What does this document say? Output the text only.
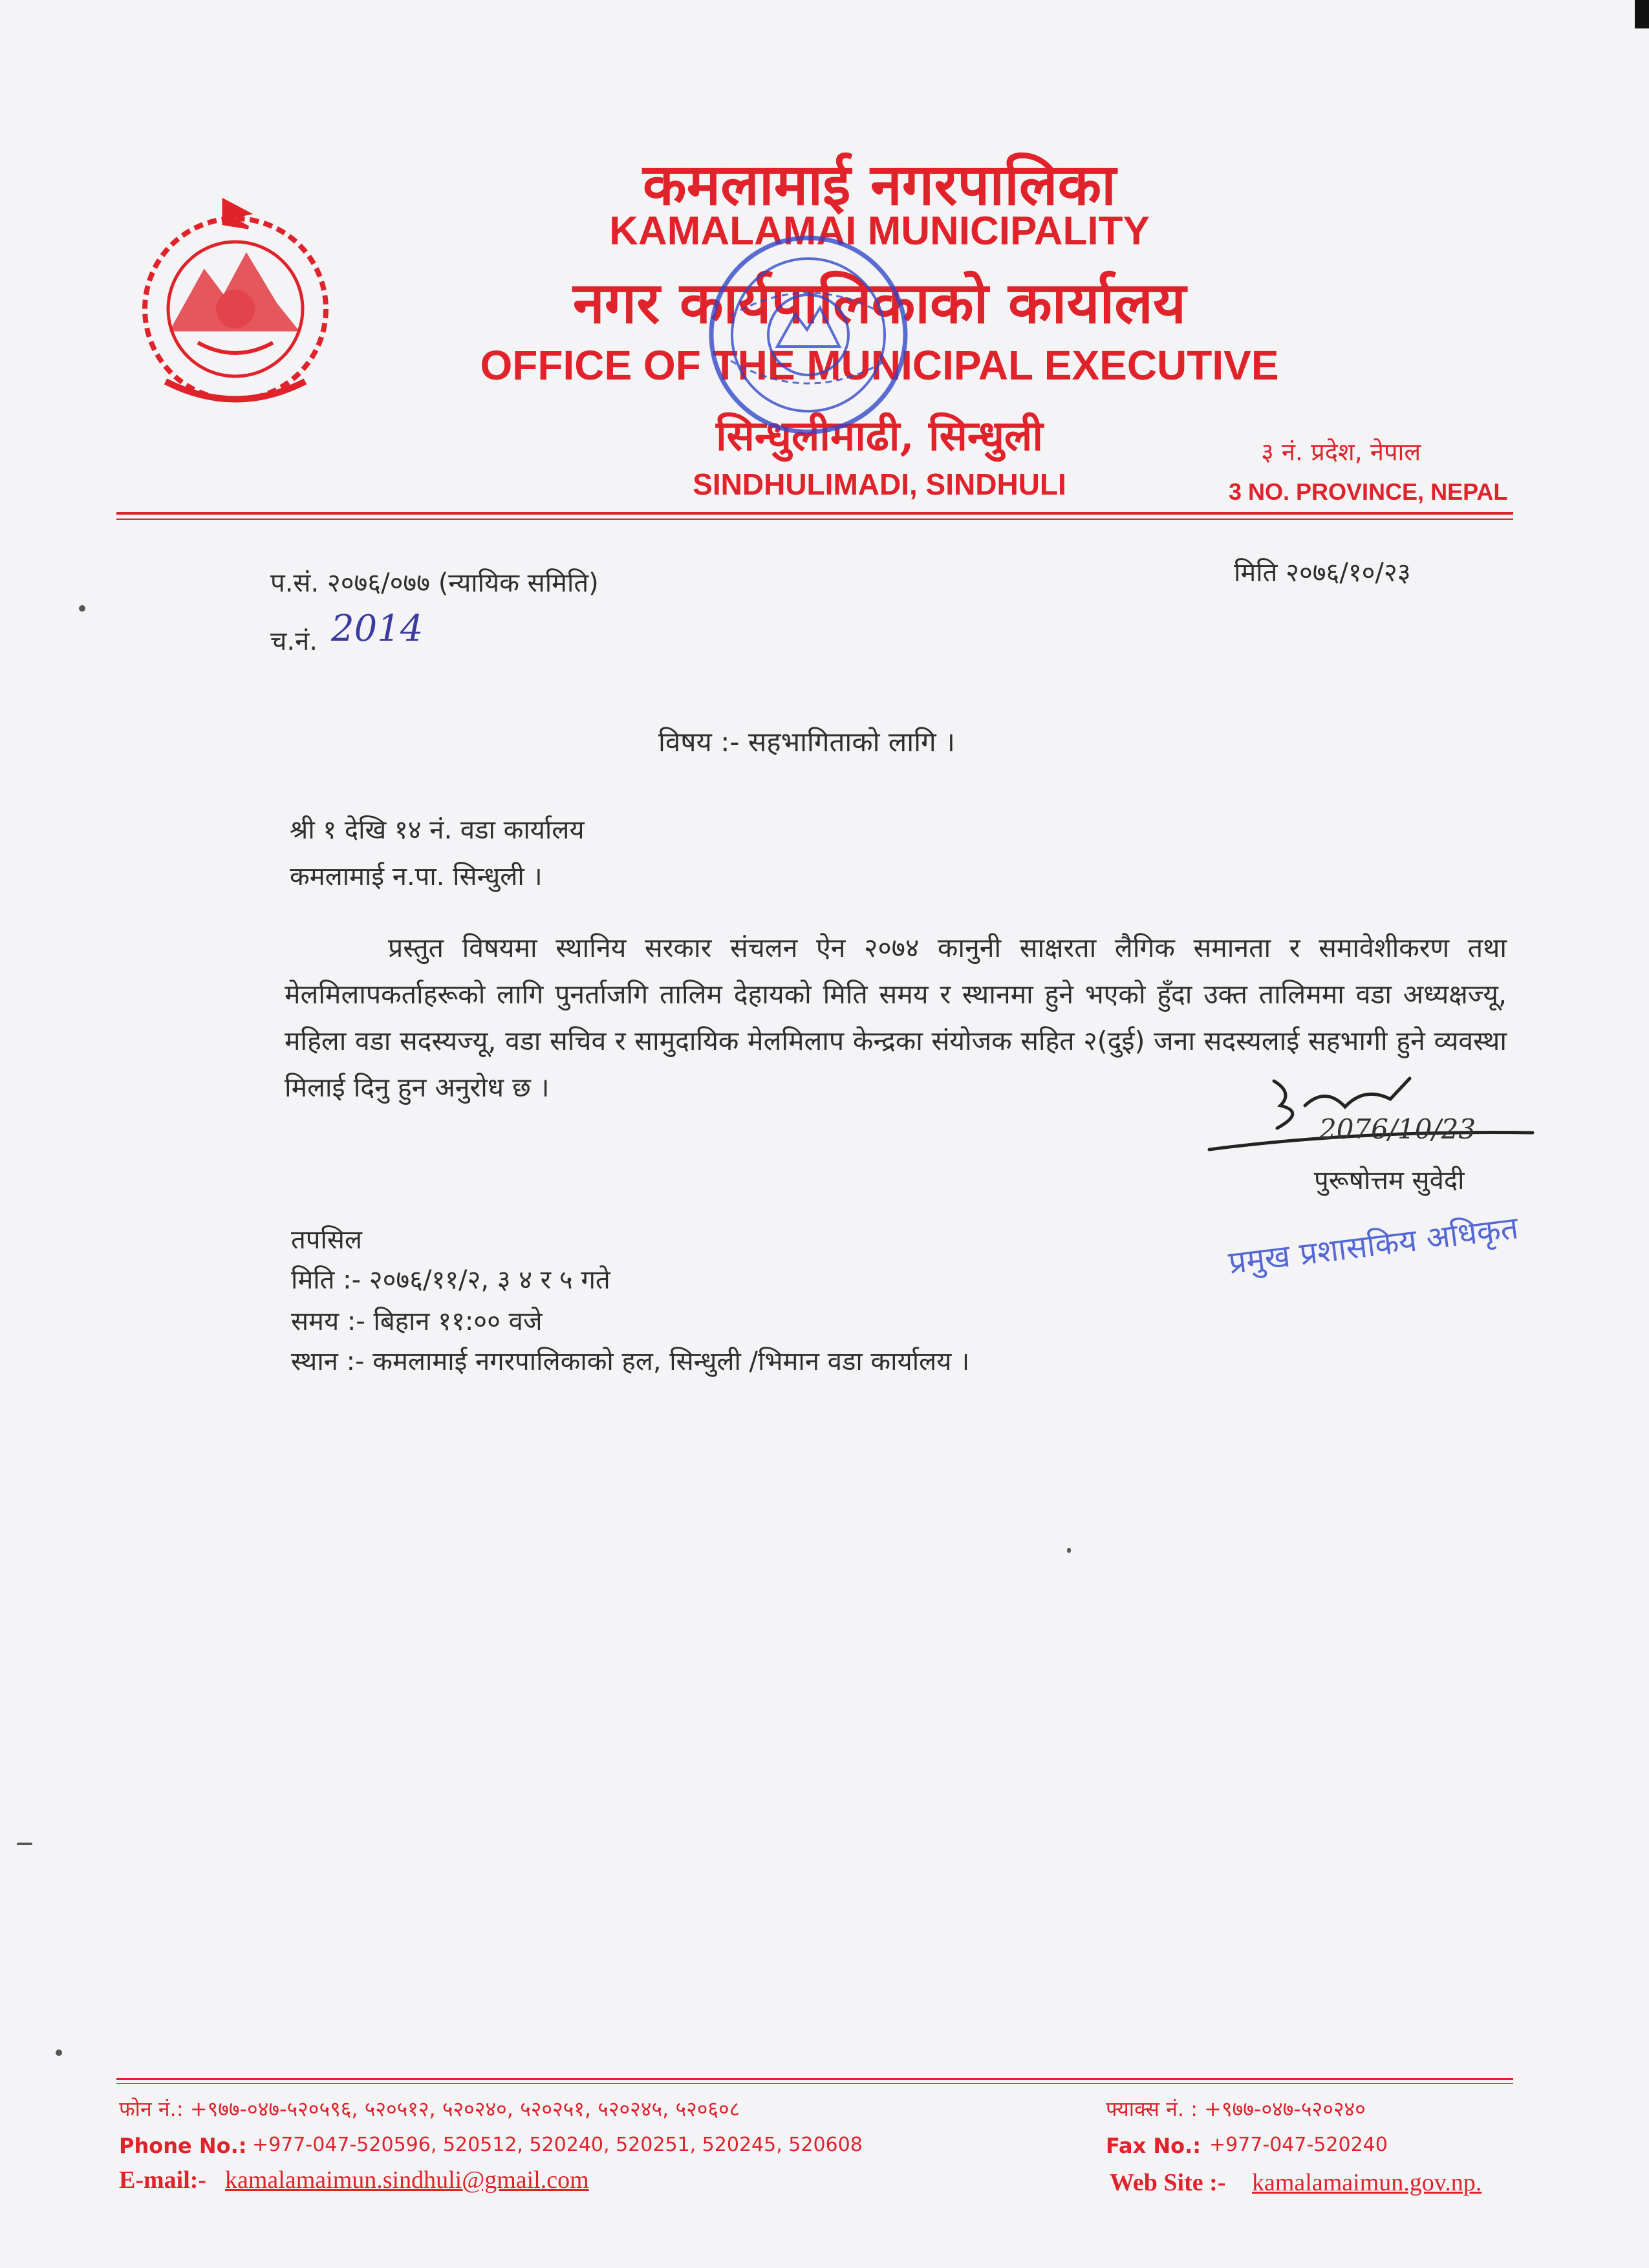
कमलामाई नगरपालिका
KAMALAMAI MUNICIPALITY
नगर कार्यपालिकाको कार्यालय
OFFICE OF THE MUNICIPAL EXECUTIVE
सिन्धुलीमाढी, सिन्धुली
SINDHULIMADI, SINDHULI
३ नं. प्रदेश, नेपाल
3 NO. PROVINCE, NEPAL
प.सं. २०७६/०७७ (न्यायिक समिति)	मिति २०७६/१०/२३
च.नं. 2014
विषय :- सहभागिताको लागि ।
श्री १ देखि १४ नं. वडा कार्यालय
कमलामाई न.पा. सिन्धुली ।
प्रस्तुत विषयमा स्थानिय सरकार संचलन ऐन २०७४ कानुनी साक्षरता लैगिक समानता र समावेशीकरण तथा मेलमिलापकर्ताहरूको लागि पुनर्ताजगि तालिम देहायको मिति समय र स्थानमा हुने भएको हुँदा उक्त तालिममा वडा अध्यक्षज्यू, महिला वडा सदस्यज्यू, वडा सचिव र सामुदायिक मेलमिलाप केन्द्रका संयोजक सहित २(दुई) जना सदस्यलाई सहभागी हुने व्यवस्था मिलाई दिनु हुन अनुरोध छ ।
2076/10/23
पुरूषोत्तम सुवेदी
प्रमुख प्रशासकिय अधिकृत
तपसिल
मिति :- २०७६/११/२, ३ ४ र ५ गते
समय :- बिहान ११:०० वजे
स्थान :- कमलामाई नगरपालिकाको हल, सिन्धुली /भिमान वडा कार्यालय ।
फोन नं.: +९७७-०४७-५२०५९६, ५२०५१२, ५२०२४०, ५२०२५१, ५२०२४५, ५२०६०८	फ्याक्स नं. : +९७७-०४७-५२०२४०
Phone No.: +977-047-520596, 520512, 520240, 520251, 520245, 520608	Fax No.: +977-047-520240
E-mail:- kamalamaimun.sindhuli@gmail.com	Web Site :- kamalamaimun.gov.np.
